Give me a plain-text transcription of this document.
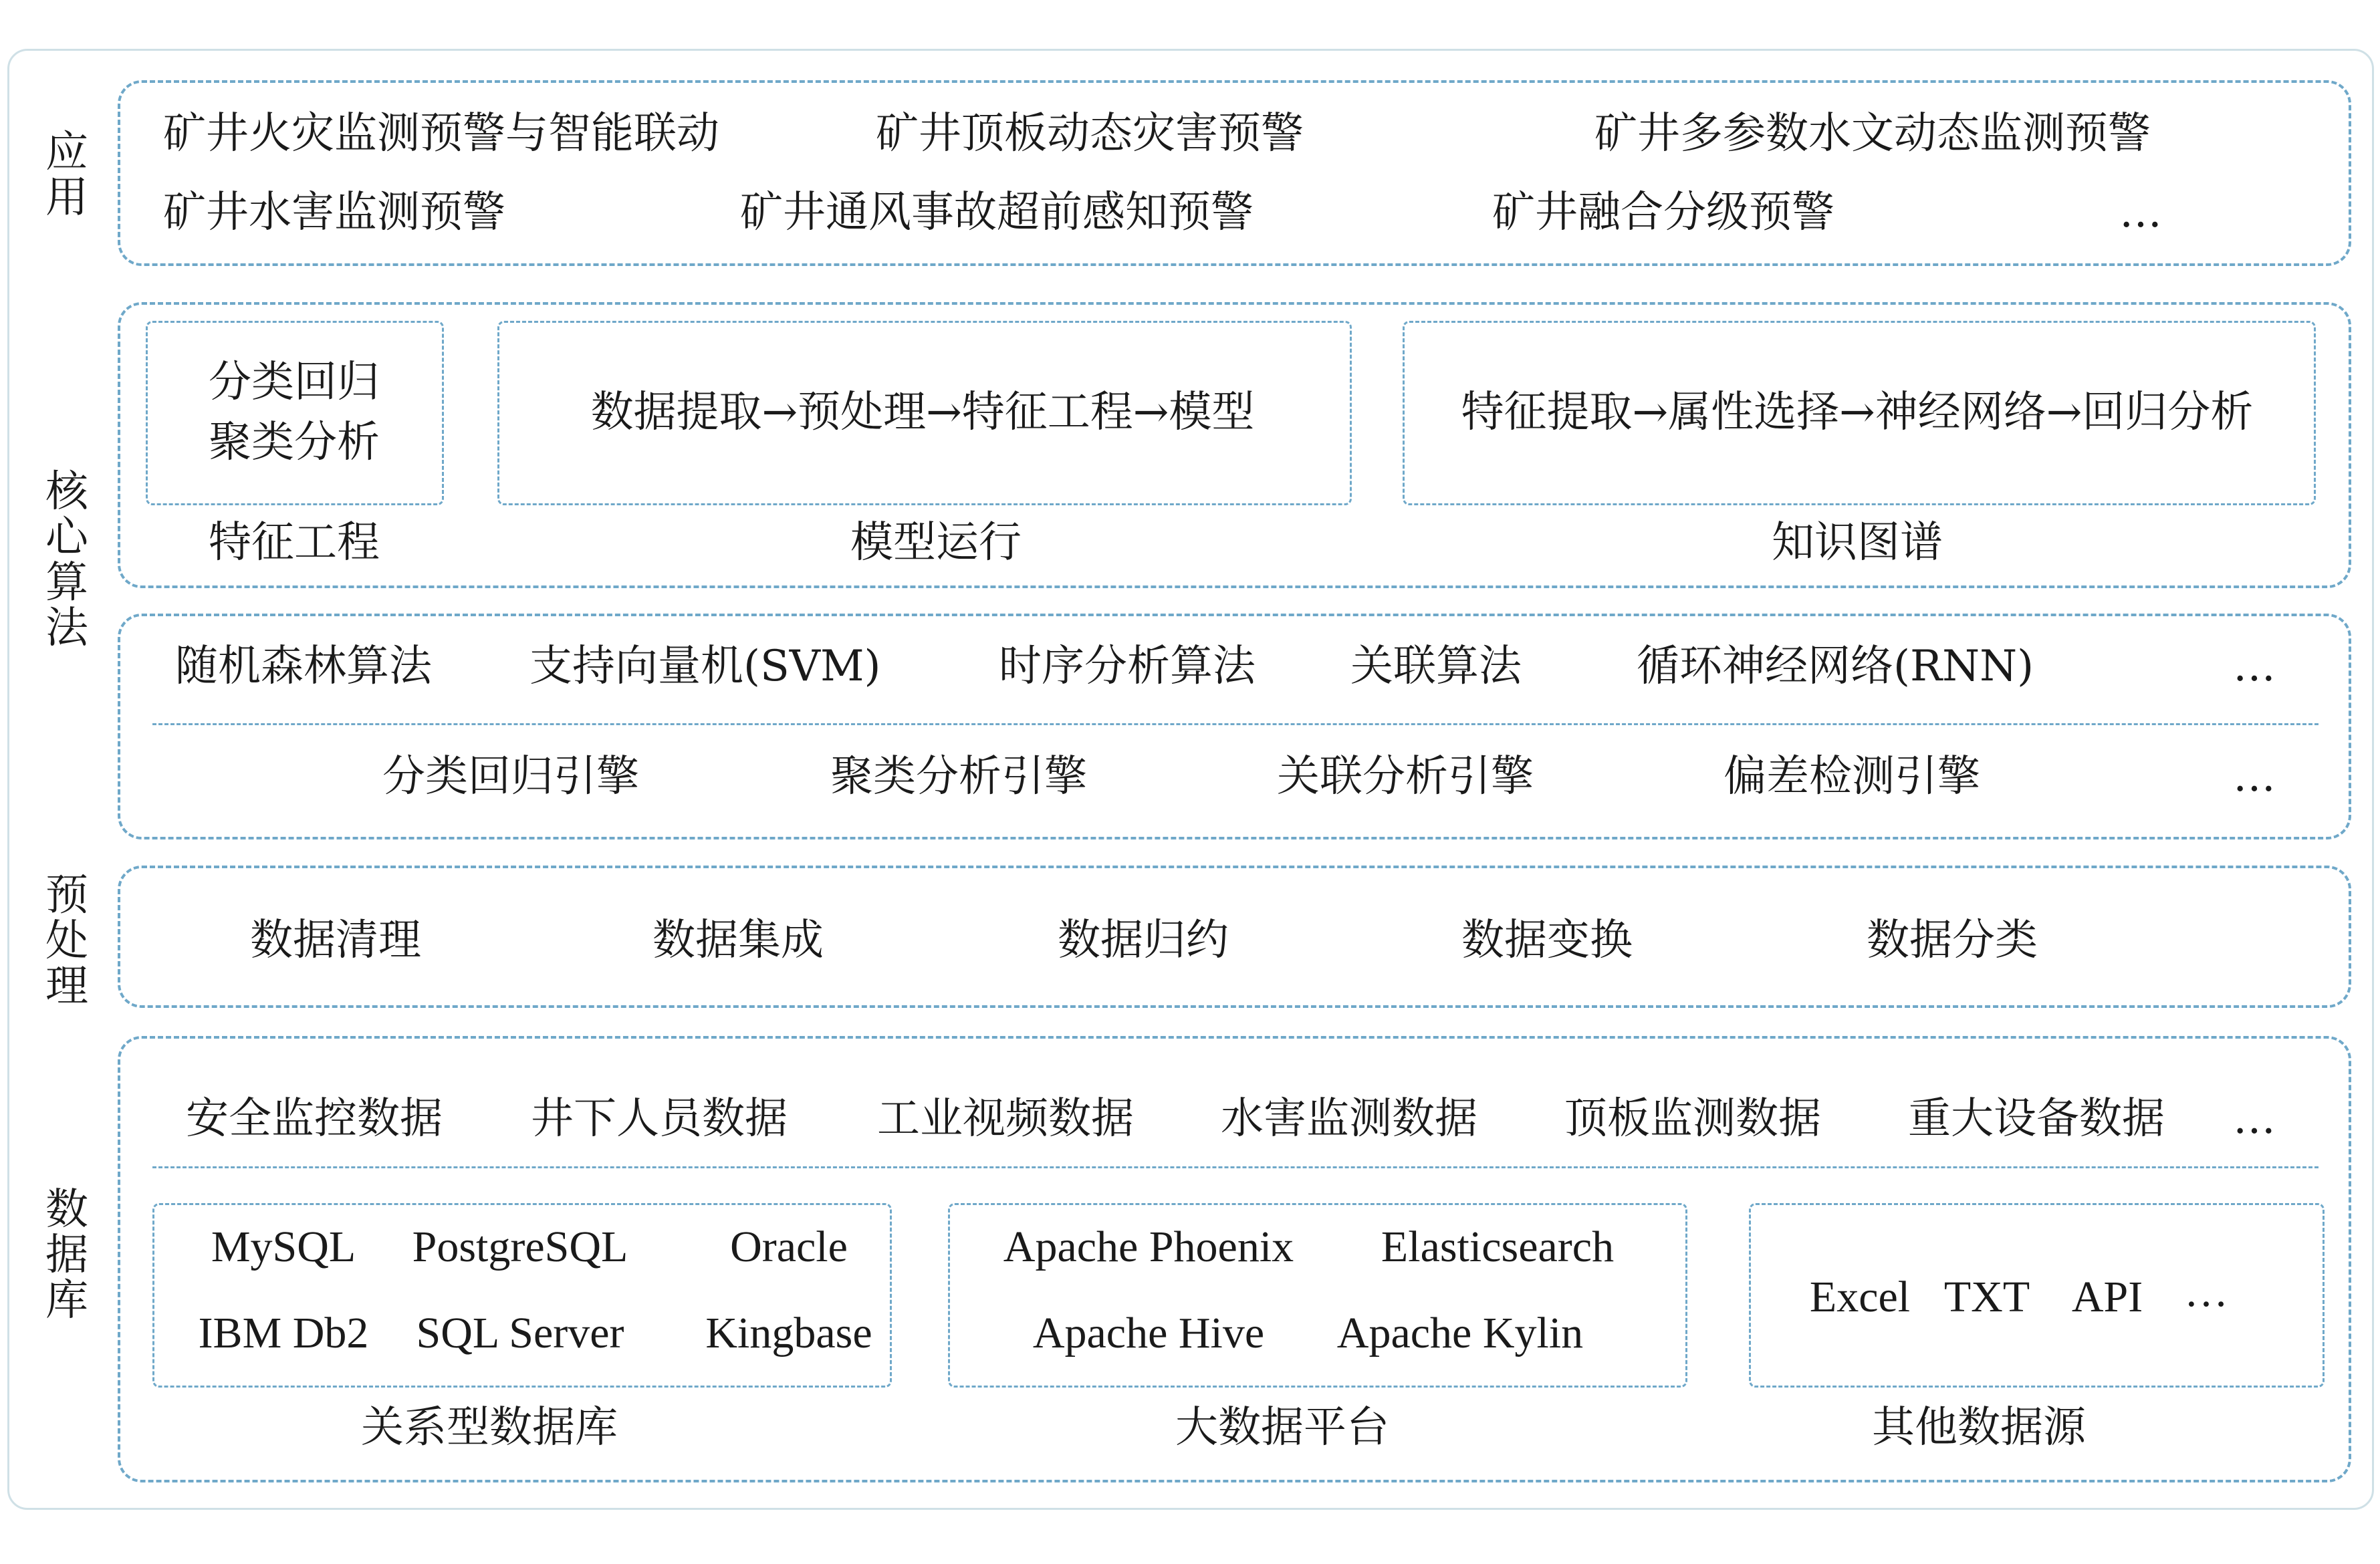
应用
核心算法
预处理
数据库
矿井火灾监测预警与智能联动	矿井顶板动态灾害预警	矿井多参数水文动态监测预警
矿井水害监测预警	矿井通风事故超前感知预警	矿井融合分级预警	…
分类回归
聚类分析
特征工程
数据提取→预处理→特征工程→模型
模型运行
特征提取→属性选择→神经网络→回归分析
知识图谱
随机森林算法 支持向量机(SVM)	时序分析算法 关联算法	循环神经网络(RNN)	…
分类回归引擎	聚类分析引擎	关联分析引擎	偏差检测引擎	…
数据清理	数据集成	数据归约	数据变换	数据分类
安全监控数据 井下人员数据 工业视频数据 水害监测数据 顶板监测数据 重大设备数据 …
MySQL PostgreSQL Oracle
IBM Db2 SQL Server Kingbase
关系型数据库
Apache Phoenix Elasticsearch
Apache Hive Apache Kylin
大数据平台
Excel TXT API …
其他数据源
